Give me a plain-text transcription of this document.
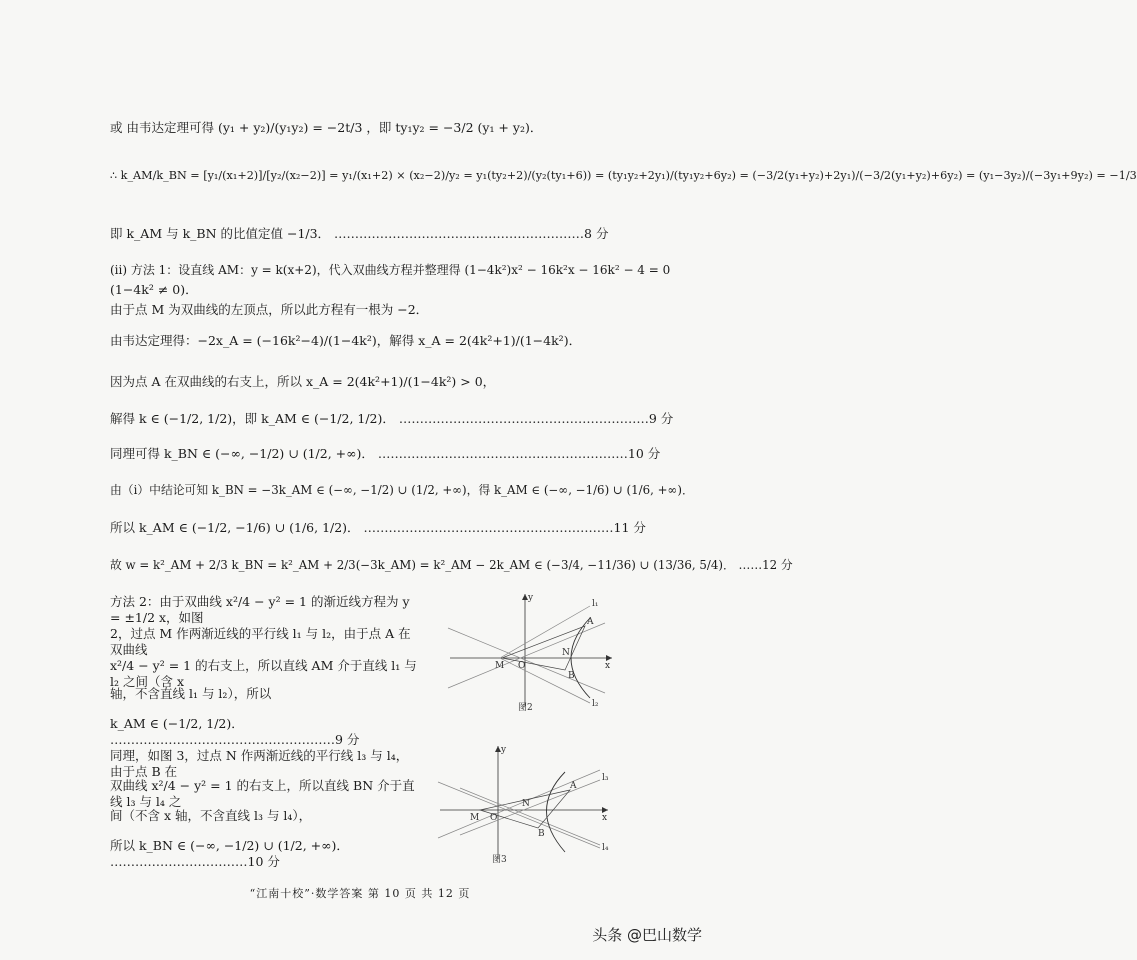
或 由韦达定理可得 (y₁ + y₂)/(y₁y₂) = −2t/3 ，即 ty₁y₂ = −3/2 (y₁ + y₂)．
∴ k_AM/k_BN = [y₁/(x₁+2)]/[y₂/(x₂−2)] = y₁/(x₁+2) × (x₂−2)/y₂ = y₁(ty₂+2)/(y₂(ty₁+6)) = (ty₁y₂+2y₁)/(ty₁y₂+6y₂) = (−3/2(y₁+y₂)+2y₁)/(−3/2(y₁+y₂)+6y₂) = (y₁−3y₂)/(−3y₁+9y₂) = −1/3
即 k_AM 与 k_BN 的比值定值 −1/3． ……………………………………………………8 分
(ii) 方法 1：设直线 AM：y = k(x+2)，代入双曲线方程并整理得 (1−4k²)x² − 16k²x − 16k² − 4 = 0
(1−4k² ≠ 0)．
由于点 M 为双曲线的左顶点，所以此方程有一根为 −2．
由韦达定理得：−2x_A = (−16k²−4)/(1−4k²)，解得 x_A = 2(4k²+1)/(1−4k²)．
因为点 A 在双曲线的右支上，所以 x_A = 2(4k²+1)/(1−4k²) > 0，
解得 k ∈ (−1/2, 1/2)，即 k_AM ∈ (−1/2, 1/2)． ……………………………………………………9 分
同理可得 k_BN ∈ (−∞, −1/2) ∪ (1/2, +∞)． ……………………………………………………10 分
由（i）中结论可知 k_BN = −3k_AM ∈ (−∞, −1/2) ∪ (1/2, +∞)，得 k_AM ∈ (−∞, −1/6) ∪ (1/6, +∞)．
所以 k_AM ∈ (−1/2, −1/6) ∪ (1/6, 1/2)． ……………………………………………………11 分
故 w = k²_AM + 2/3 k_BN = k²_AM + 2/3(−3k_AM) = k²_AM − 2k_AM ∈ (−3/4, −11/36) ∪ (13/36, 5/4)． ……12 分
方法 2：由于双曲线 x²/4 − y² = 1 的渐近线方程为 y = ±1/2 x，如图
2，过点 M 作两渐近线的平行线 l₁ 与 l₂，由于点 A 在双曲线
x²/4 − y² = 1 的右支上，所以直线 AM 介于直线 l₁ 与 l₂ 之间（含 x
轴，不含直线 l₁ 与 l₂），所以
k_AM ∈ (−1/2, 1/2)． ………………………………………………9 分
同理，如图 3，过点 N 作两渐近线的平行线 l₃ 与 l₄，由于点 B 在
双曲线 x²/4 − y² = 1 的右支上，所以直线 BN 介于直线 l₃ 与 l₄ 之
间（不含 x 轴，不含直线 l₃ 与 l₄），
所以 k_BN ∈ (−∞, −1/2) ∪ (1/2, +∞)． ……………………………10 分
y
x
O
M
N
A
B
l₁
l₂
图2
y
x
O
M
N
A
B
l₃
l₄
图3
“江南十校”·数学答案 第 10 页 共 12 页
头条 @巴山数学
